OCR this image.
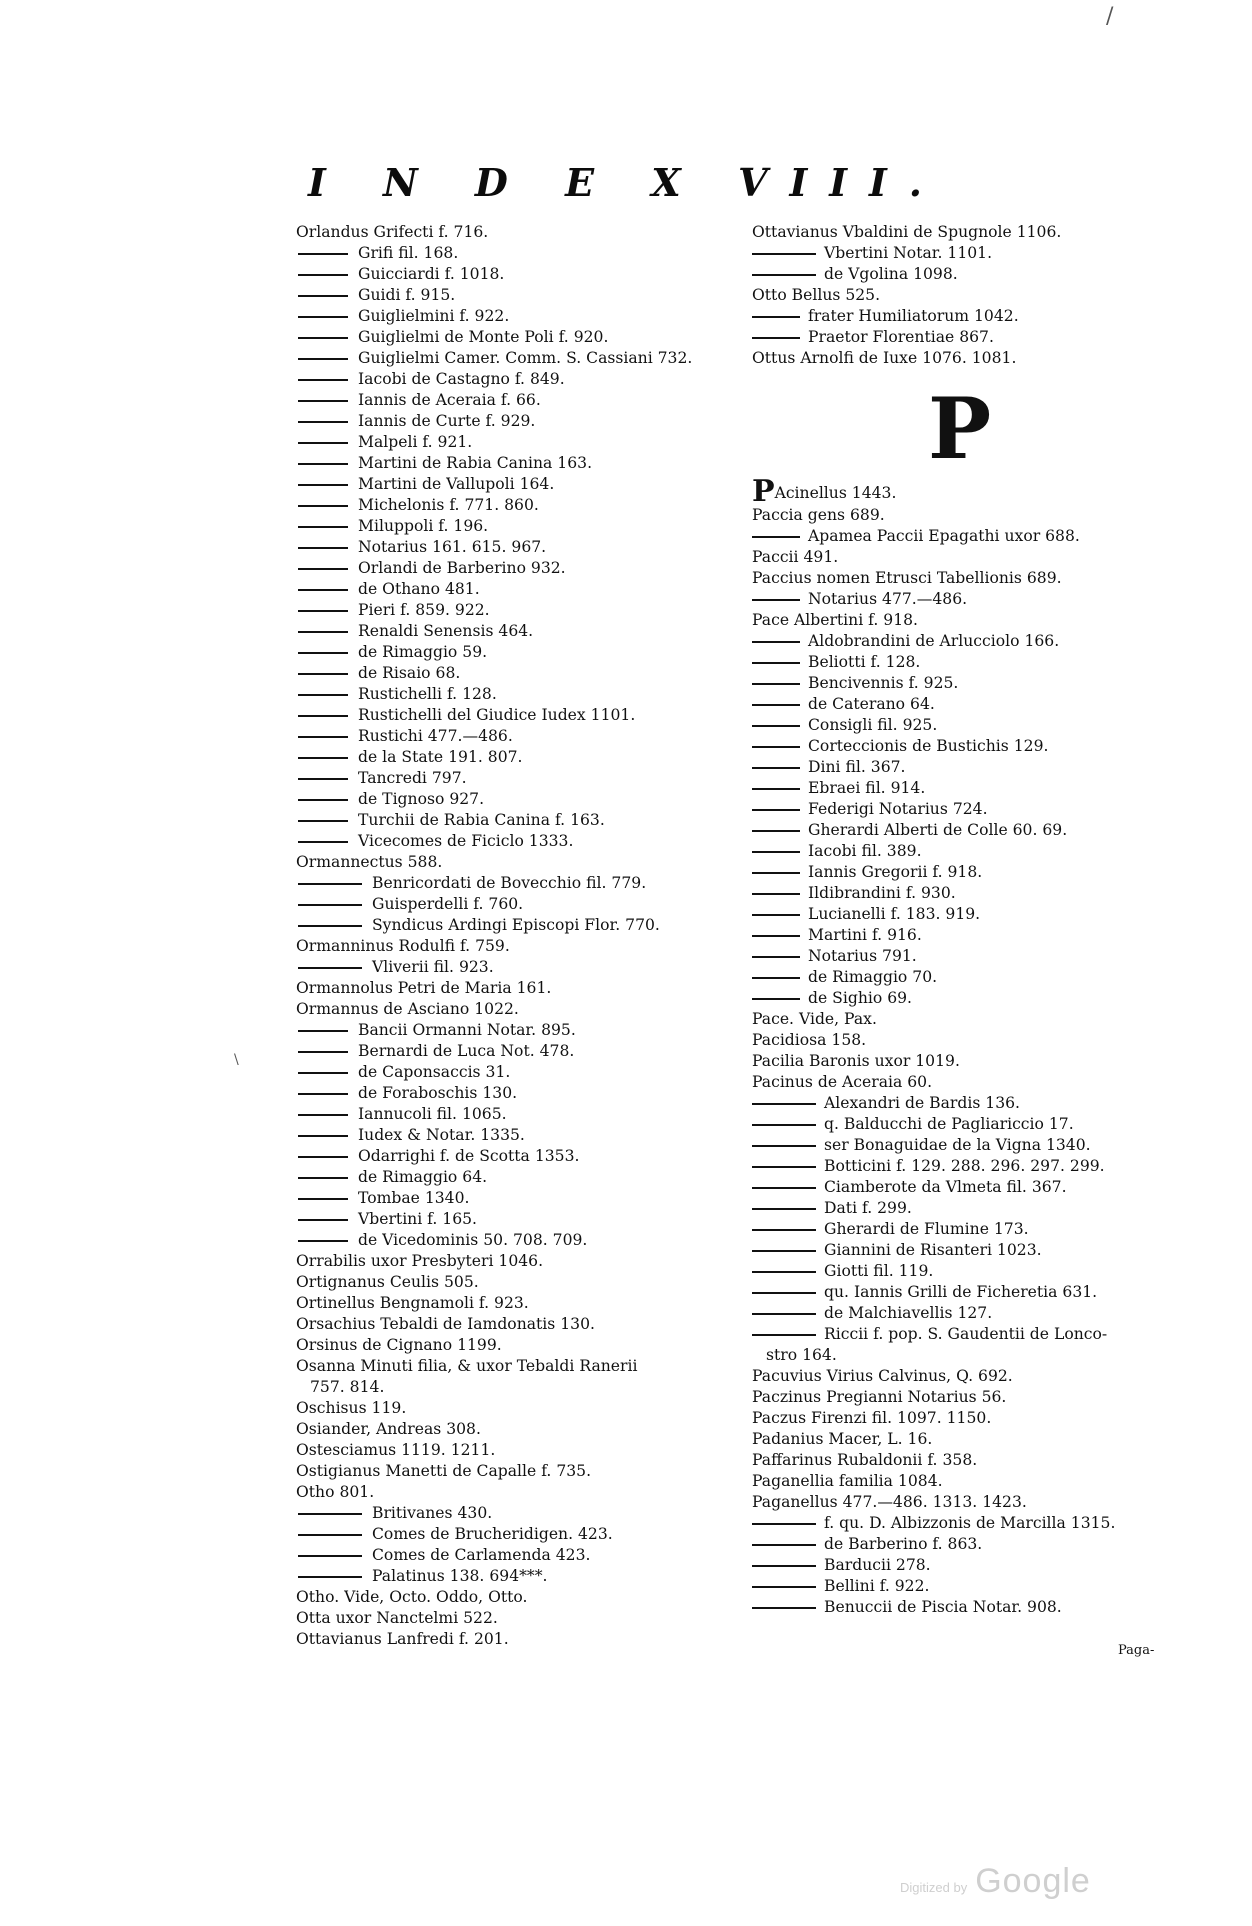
I N D E X VIII.
Orlandus Grifecti f. 716.
Grifi fil. 168.
Guicciardi f. 1018.
Guidi f. 915.
Guiglielmini f. 922.
Guiglielmi de Monte Poli f. 920.
Guiglielmi Camer. Comm. S. Cassiani 732.
Iacobi de Castagno f. 849.
Iannis de Aceraia f. 66.
Iannis de Curte f. 929.
Malpeli f. 921.
Martini de Rabia Canina 163.
Martini de Vallupoli 164.
Michelonis f. 771. 860.
Miluppoli f. 196.
Notarius 161. 615. 967.
Orlandi de Barberino 932.
de Othano 481.
Pieri f. 859. 922.
Renaldi Senensis 464.
de Rimaggio 59.
de Risaio 68.
Rustichelli f. 128.
Rustichelli del Giudice Iudex 1101.
Rustichi 477.—486.
de la State 191. 807.
Tancredi 797.
de Tignoso 927.
Turchii de Rabia Canina f. 163.
Vicecomes de Ficiclo 1333.
Ormannectus 588.
Benricordati de Bovecchio fil. 779.
Guisperdelli f. 760.
Syndicus Ardingi Episcopi Flor. 770.
Ormanninus Rodulfi f. 759.
Vliverii fil. 923.
Ormannolus Petri de Maria 161.
Ormannus de Asciano 1022.
Bancii Ormanni Notar. 895.
Bernardi de Luca Not. 478.
de Caponsaccis 31.
de Foraboschis 130.
Iannucoli fil. 1065.
Iudex & Notar. 1335.
Odarrighi f. de Scotta 1353.
de Rimaggio 64.
Tombae 1340.
Vbertini f. 165.
de Vicedominis 50. 708. 709.
Orrabilis uxor Presbyteri 1046.
Ortignanus Ceulis 505.
Ortinellus Bengnamoli f. 923.
Orsachius Tebaldi de Iamdonatis 130.
Orsinus de Cignano 1199.
Osanna Minuti filia, & uxor Tebaldi Ranerii
757. 814.
Oschisus 119.
Osiander, Andreas 308.
Ostesciamus 1119. 1211.
Ostigianus Manetti de Capalle f. 735.
Otho 801.
Britivanes 430.
Comes de Brucheridigen. 423.
Comes de Carlamenda 423.
Palatinus 138. 694***.
Otho. Vide, Octo. Oddo, Otto.
Otta uxor Nanctelmi 522.
Ottavianus Lanfredi f. 201.
Ottavianus Vbaldini de Spugnole 1106.
Vbertini Notar. 1101.
de Vgolina 1098.
Otto Bellus 525.
frater Humiliatorum 1042.
Praetor Florentiae 867.
Ottus Arnolfi de Iuxe 1076. 1081.
P
PAcinellus 1443.
Paccia gens 689.
Apamea Paccii Epagathi uxor 688.
Paccii 491.
Paccius nomen Etrusci Tabellionis 689.
Notarius 477.—486.
Pace Albertini f. 918.
Aldobrandini de Arlucciolo 166.
Beliotti f. 128.
Bencivennis f. 925.
de Caterano 64.
Consigli fil. 925.
Corteccionis de Bustichis 129.
Dini fil. 367.
Ebraei fil. 914.
Federigi Notarius 724.
Gherardi Alberti de Colle 60. 69.
Iacobi fil. 389.
Iannis Gregorii f. 918.
Ildibrandini f. 930.
Lucianelli f. 183. 919.
Martini f. 916.
Notarius 791.
de Rimaggio 70.
de Sighio 69.
Pace. Vide, Pax.
Pacidiosa 158.
Pacilia Baronis uxor 1019.
Pacinus de Aceraia 60.
Alexandri de Bardis 136.
q. Balducchi de Pagliariccio 17.
ser Bonaguidae de la Vigna 1340.
Botticini f. 129. 288. 296. 297. 299.
Ciamberote da Vlmeta fil. 367.
Dati f. 299.
Gherardi de Flumine 173.
Giannini de Risanteri 1023.
Giotti fil. 119.
qu. Iannis Grilli de Ficheretia 631.
de Malchiavellis 127.
Riccii f. pop. S. Gaudentii de Lonco-
stro 164.
Pacuvius Virius Calvinus, Q. 692.
Paczinus Pregianni Notarius 56.
Paczus Firenzi fil. 1097. 1150.
Padanius Macer, L. 16.
Paffarinus Rubaldonii f. 358.
Paganellia familia 1084.
Paganellus 477.—486. 1313. 1423.
f. qu. D. Albizzonis de Marcilla 1315.
de Barberino f. 863.
Barducii 278.
Bellini f. 922.
Benuccii de Piscia Notar. 908.
Paga-
\
/
Digitized by Google
